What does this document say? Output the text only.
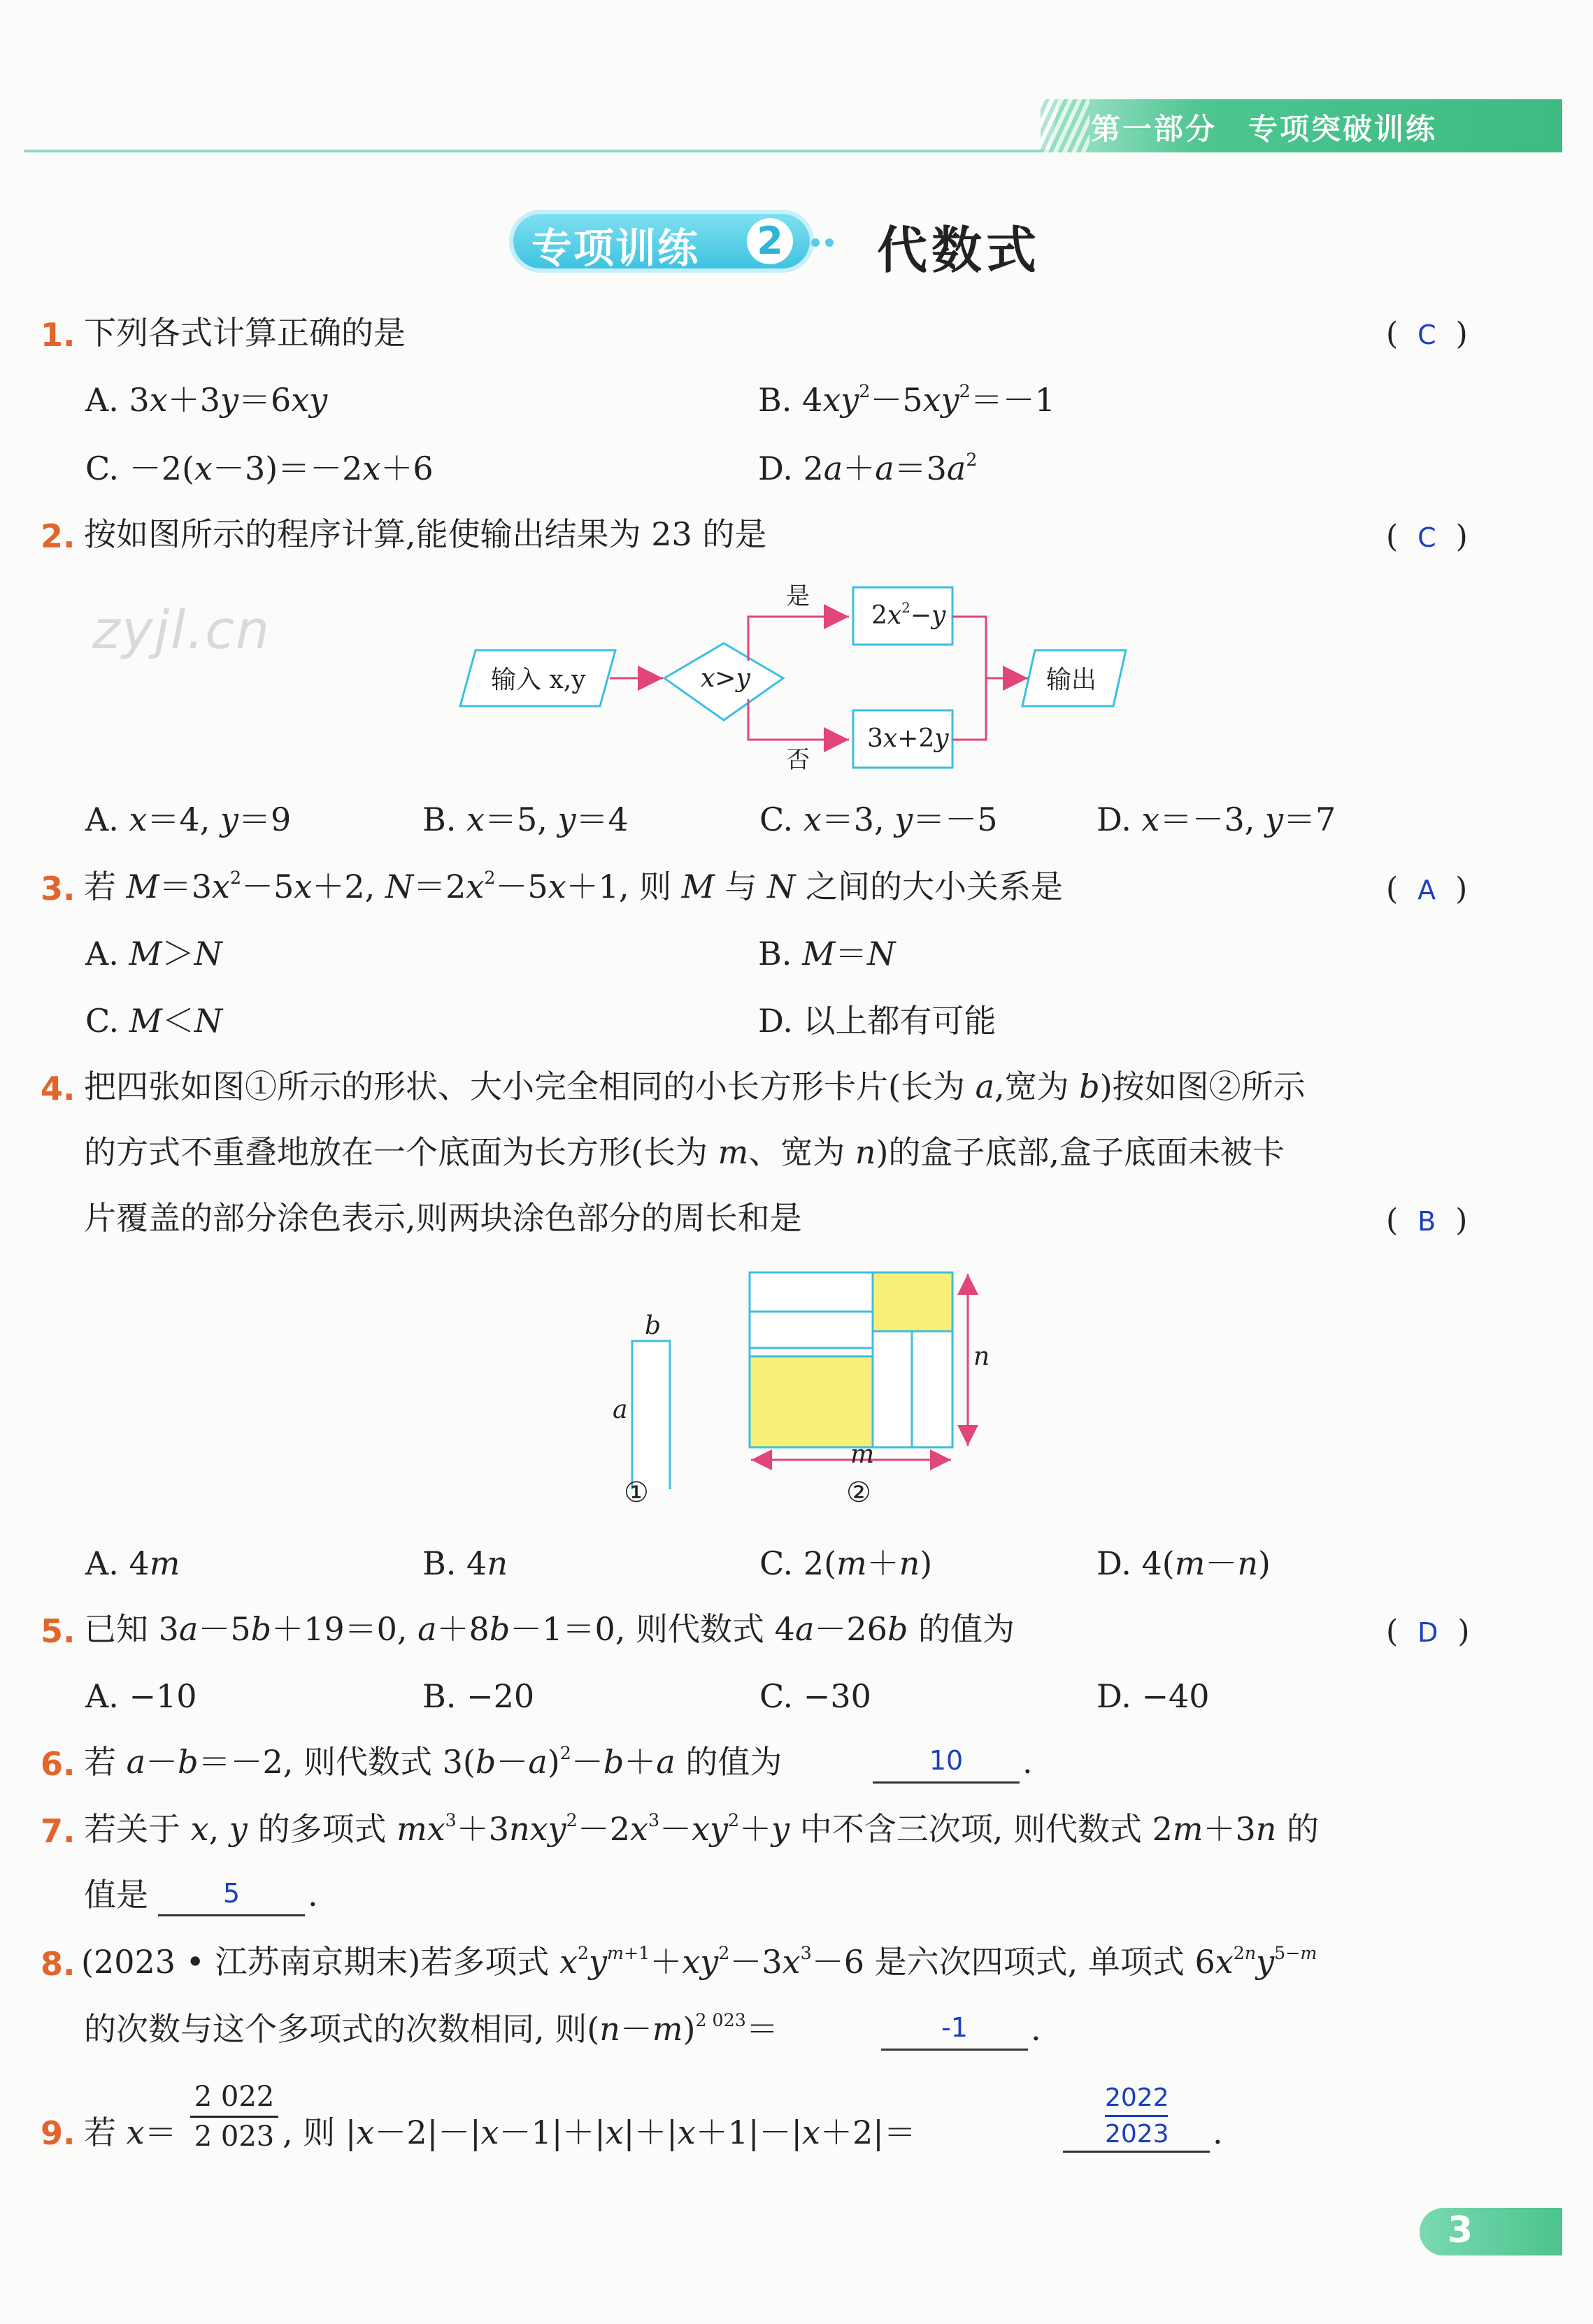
第一部分　专项突破训练
专项训练 2 代数式
1. 下列各式计算正确的是	(  C  )
A. 3x＋3y＝6xy	B. $4xy^2-5xy^2=-1$
C. －2(x－3)＝－2x＋6	D. $2a+a=3a^2$
2. 按如图所示的程序计算,能使输出结果为 23 的是	(  C  )
zyjl.cn
输入 x,y	x>y
是
否
$2x^2-y$
3x+2y
输出
A. x＝4, y＝9	B. x＝5, y＝4	C. x＝3, y＝－5	D. x＝－3, y＝7
3. 若 $M=3x^2-5x+2$, $N=2x^2-5x+1$, 则 M 与 N 之间的大小关系是	(  A  )
A. M＞N	B. M＝N
C. M＜N	D. 以上都有可能
4. 把四张如图①所示的形状、大小完全相同的小长方形卡片(长为 a,宽为 b)按如图②所示
的方式不重叠地放在一个底面为长方形(长为 m、宽为 n)的盒子底部,盒子底面未被卡
片覆盖的部分涂色表示,则两块涂色部分的周长和是	(  B  )
b
a
n
m
①	②
A. 4m	B. 4n	C. 2(m＋n)	D. 4(m－n)
5. 已知 3a－5b＋19＝0, a＋8b－1＝0, 则代数式 4a－26b 的值为	(  D  )
A. −10	B. −20	C. −30	D. −40
6. 若 a－b＝－2, 则代数式 $3(b-a)^2-b+a$ 的值为	10	.
7. 若关于 x, y 的多项式 $mx^3+3nxy^2-2x^3-xy^2+y$ 中不含三次项, 则代数式 2m＋3n 的
值是	5	.
8. (2023 • 江苏南京期末)若多项式 $x^2y^{m+1}+xy^2-3x^3-6$ 是六次四项式, 单项式 $6x^{2n}y^{5-m}$
的次数与这个多项式的次数相同, 则$(n-m)^{2 023}=$	-1	.
9. 若 x＝
2 022
2 023 , 则 |x－2|－|x－1|＋|x|＋|x＋1|－|x＋2|＝
2022
2023 .
3
